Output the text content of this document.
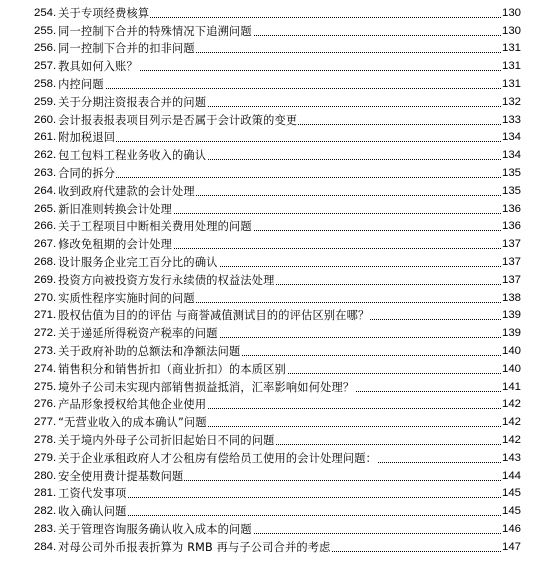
254. 关于专项经费核算	130
255. 同一控制下合并的特殊情况下追溯问题	130
256. 同一控制下合并的扣非问题	131
257. 教具如何入账？	131
258. 内控问题	131
259. 关于分期注资报表合并的问题	132
260. 会计报表报表项目列示是否属于会计政策的变更	133
261. 附加税退回	134
262. 包工包料工程业务收入的确认	134
263. 合同的拆分	135
264. 收到政府代建款的会计处理	135
265. 新旧准则转换会计处理	136
266. 关于工程项目中断相关费用处理的问题	136
267. 修改免租期的会计处理	137
268. 设计服务企业完工百分比的确认	137
269. 投资方向被投资方发行永续债的权益法处理	137
270. 实质性程序实施时间的问题	138
271. 股权估值为目的的评估 与商誉减值测试目的的评估区别在哪？	139
272. 关于递延所得税资产税率的问题	139
273. 关于政府补助的总额法和净额法问题	140
274. 销售积分和销售折扣（商业折扣）的本质区别	140
275. 境外子公司未实现内部销售损益抵消，汇率影响如何处理？	141
276. 产品形象授权给其他企业使用	142
277. “无营业收入的成本确认”问题	142
278. 关于境内外母子公司折旧起始日不同的问题	142
279. 关于企业承租政府人才公租房有偿给员工使用的会计处理问题：	143
280. 安全使用费计提基数问题	144
281. 工资代发事项	145
282. 收入确认问题	145
283. 关于管理咨询服务确认收入成本的问题	146
284. 对母公司外币报表折算为 RMB 再与子公司合并的考虑	147
